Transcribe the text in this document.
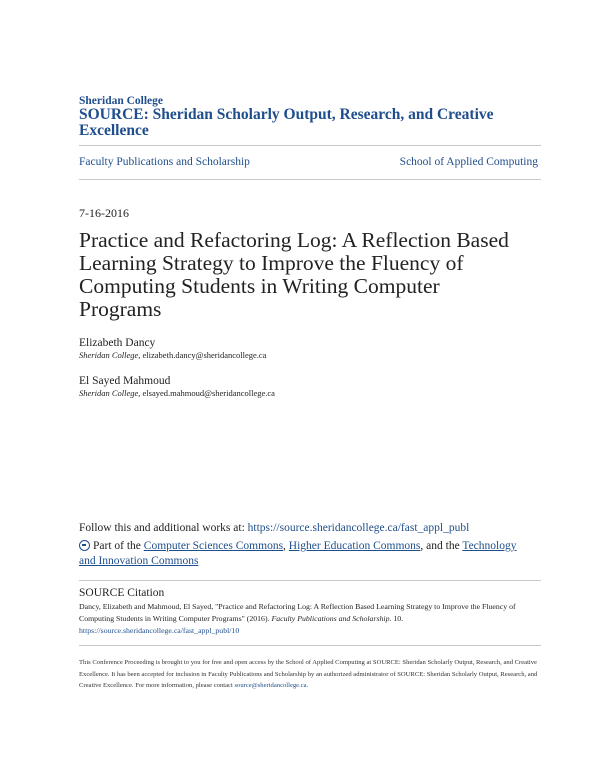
Sheridan College
SOURCE: Sheridan Scholarly Output, Research, and Creative Excellence
Faculty Publications and Scholarship	School of Applied Computing
7-16-2016
Practice and Refactoring Log: A Reflection Based Learning Strategy to Improve the Fluency of Computing Students in Writing Computer Programs
Elizabeth Dancy
Sheridan College, elizabeth.dancy@sheridancollege.ca
El Sayed Mahmoud
Sheridan College, elsayed.mahmoud@sheridancollege.ca
Follow this and additional works at: https://source.sheridancollege.ca/fast_appl_publ
Part of the Computer Sciences Commons, Higher Education Commons, and the Technology and Innovation Commons
SOURCE Citation
Dancy, Elizabeth and Mahmoud, El Sayed, "Practice and Refactoring Log: A Reflection Based Learning Strategy to Improve the Fluency of Computing Students in Writing Computer Programs" (2016). Faculty Publications and Scholarship. 10.
https://source.sheridancollege.ca/fast_appl_publ/10
This Conference Proceeding is brought to you for free and open access by the School of Applied Computing at SOURCE: Sheridan Scholarly Output, Research, and Creative Excellence. It has been accepted for inclusion in Faculty Publications and Scholarship by an authorized administrator of SOURCE: Sheridan Scholarly Output, Research, and Creative Excellence. For more information, please contact source@sheridancollege.ca.
